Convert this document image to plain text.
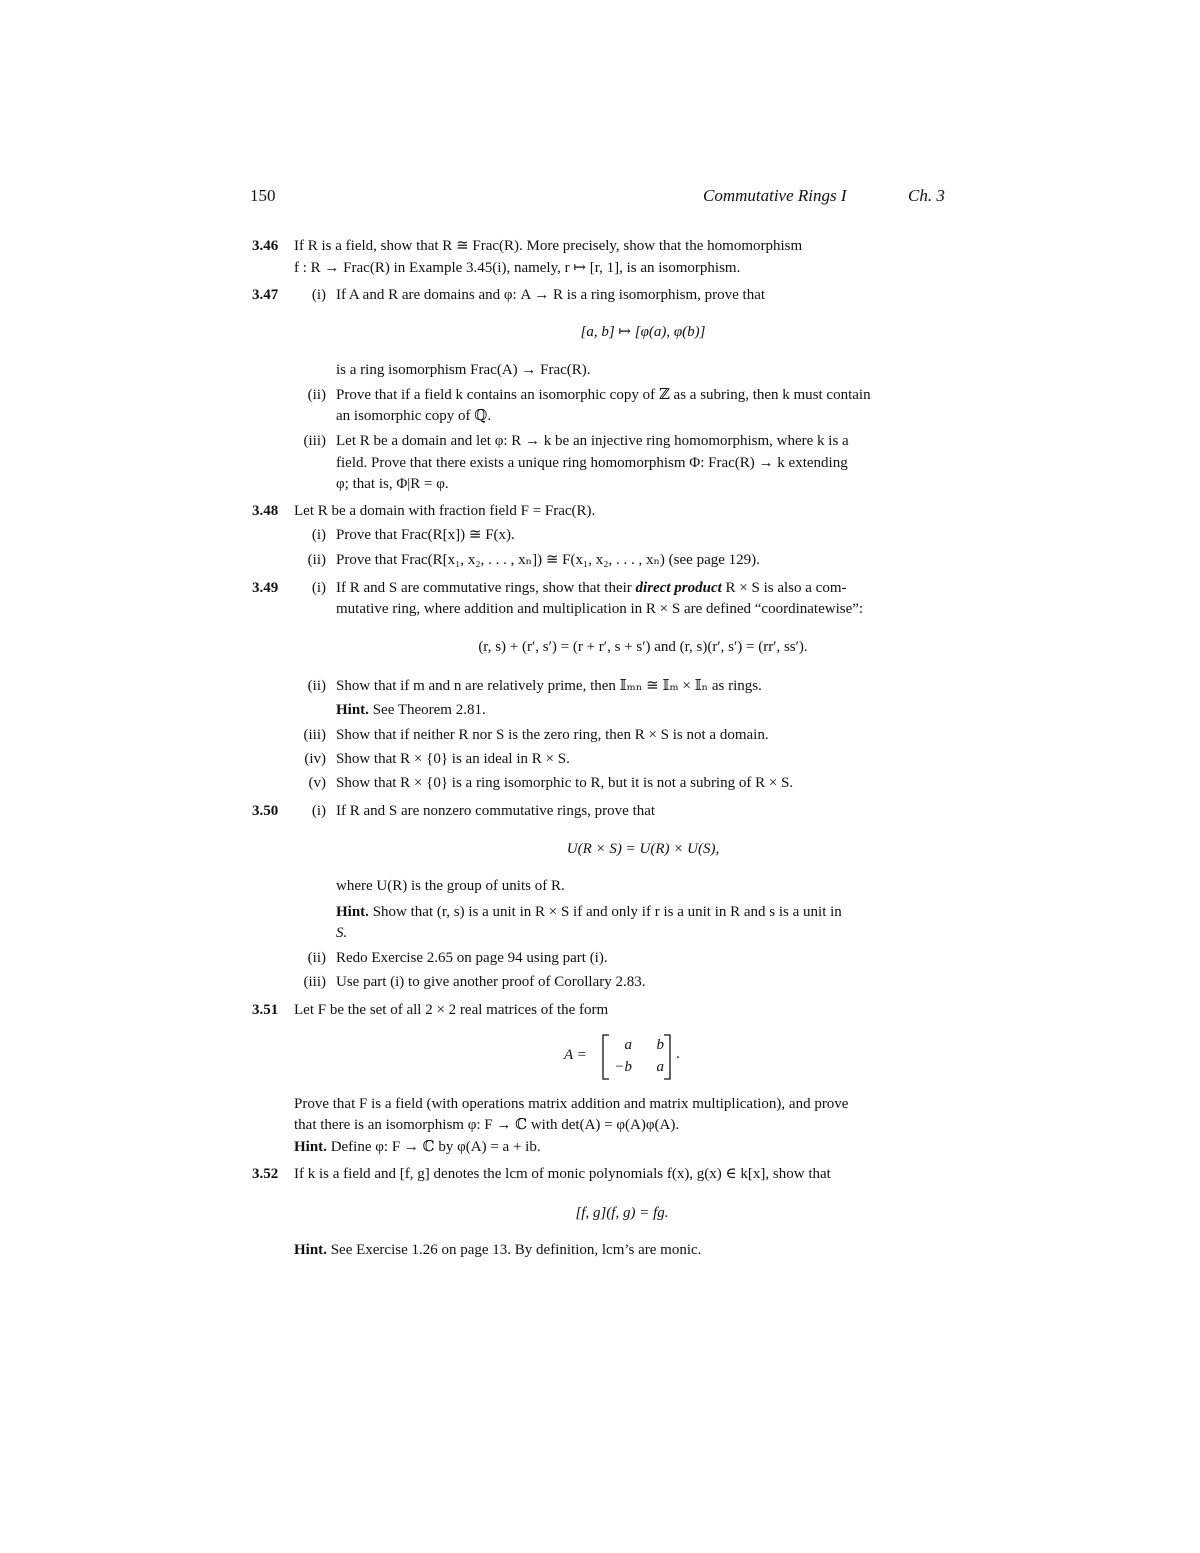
150	Commutative Rings I	Ch. 3
3.46 If R is a field, show that R ≅ Frac(R). More precisely, show that the homomorphism
f : R → Frac(R) in Example 3.45(i), namely, r ↦ [r, 1], is an isomorphism.
3.47	(i) If A and R are domains and φ: A → R is a ring isomorphism, prove that
[a, b] ↦ [φ(a), φ(b)]
is a ring isomorphism Frac(A) → Frac(R).
(ii) Prove that if a field k contains an isomorphic copy of ℤ as a subring, then k must contain
an isomorphic copy of ℚ.
(iii) Let R be a domain and let φ: R → k be an injective ring homomorphism, where k is a
field. Prove that there exists a unique ring homomorphism Φ: Frac(R) → k extending
φ; that is, Φ|R = φ.
3.48 Let R be a domain with fraction field F = Frac(R).
(i) Prove that Frac(R[x]) ≅ F(x).
(ii) Prove that Frac(R[x₁, x₂, . . . , xₙ]) ≅ F(x₁, x₂, . . . , xₙ) (see page 129).
3.49	(i) If R and S are commutative rings, show that their direct product R × S is also a com-
mutative ring, where addition and multiplication in R × S are defined “coordinatewise”:
(r, s) + (r′, s′) = (r + r′, s + s′) and (r, s)(r′, s′) = (rr′, ss′).
(ii) Show that if m and n are relatively prime, then 𝕀ₘₙ ≅ 𝕀ₘ × 𝕀ₙ as rings.
Hint. See Theorem 2.81.
(iii) Show that if neither R nor S is the zero ring, then R × S is not a domain.
(iv) Show that R × {0} is an ideal in R × S.
(v) Show that R × {0} is a ring isomorphic to R, but it is not a subring of R × S.
3.50	(i) If R and S are nonzero commutative rings, prove that
U(R × S) = U(R) × U(S),
where U(R) is the group of units of R.
Hint. Show that (r, s) is a unit in R × S if and only if r is a unit in R and s is a unit in
S.
(ii) Redo Exercise 2.65 on page 94 using part (i).
(iii) Use part (i) to give another proof of Corollary 2.83.
3.51 Let F be the set of all 2 × 2 real matrices of the form
A =
a	b
−b	a
.
Prove that F is a field (with operations matrix addition and matrix multiplication), and prove
that there is an isomorphism φ: F → ℂ with det(A) = φ(A)φ(A).
Hint. Define φ: F → ℂ by φ(A) = a + ib.
3.52 If k is a field and [f, g] denotes the lcm of monic polynomials f(x), g(x) ∈ k[x], show that
[f, g](f, g) = fg.
Hint. See Exercise 1.26 on page 13. By definition, lcm’s are monic.
